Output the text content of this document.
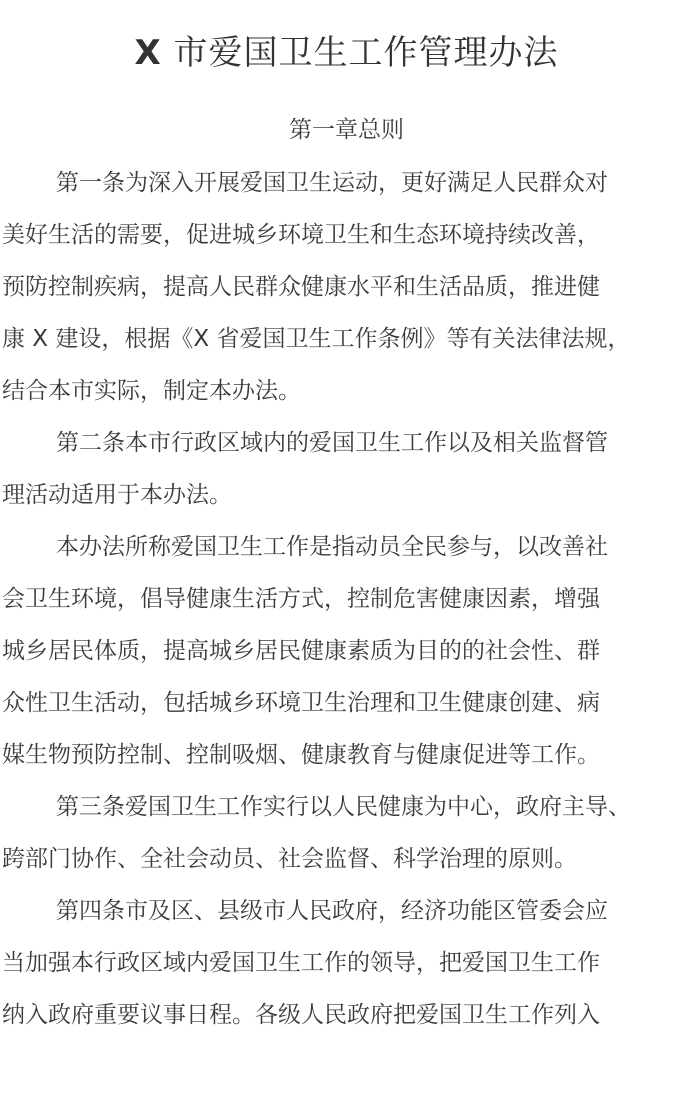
X 市爱国卫生工作管理办法
第一章总则
第一条为深入开展爱国卫生运动，更好满足人民群众对
美好生活的需要，促进城乡环境卫生和生态环境持续改善，
预防控制疾病，提高人民群众健康水平和生活品质，推进健
康 X 建设，根据《X 省爱国卫生工作条例》等有关法律法规，
结合本市实际，制定本办法。
第二条本市行政区域内的爱国卫生工作以及相关监督管
理活动适用于本办法。
本办法所称爱国卫生工作是指动员全民参与，以改善社
会卫生环境，倡导健康生活方式，控制危害健康因素，增强
城乡居民体质，提高城乡居民健康素质为目的的社会性、群
众性卫生活动，包括城乡环境卫生治理和卫生健康创建、病
媒生物预防控制、控制吸烟、健康教育与健康促进等工作。
第三条爱国卫生工作实行以人民健康为中心，政府主导、
跨部门协作、全社会动员、社会监督、科学治理的原则。
第四条市及区、县级市人民政府，经济功能区管委会应
当加强本行政区域内爱国卫生工作的领导，把爱国卫生工作
纳入政府重要议事日程。各级人民政府把爱国卫生工作列入
